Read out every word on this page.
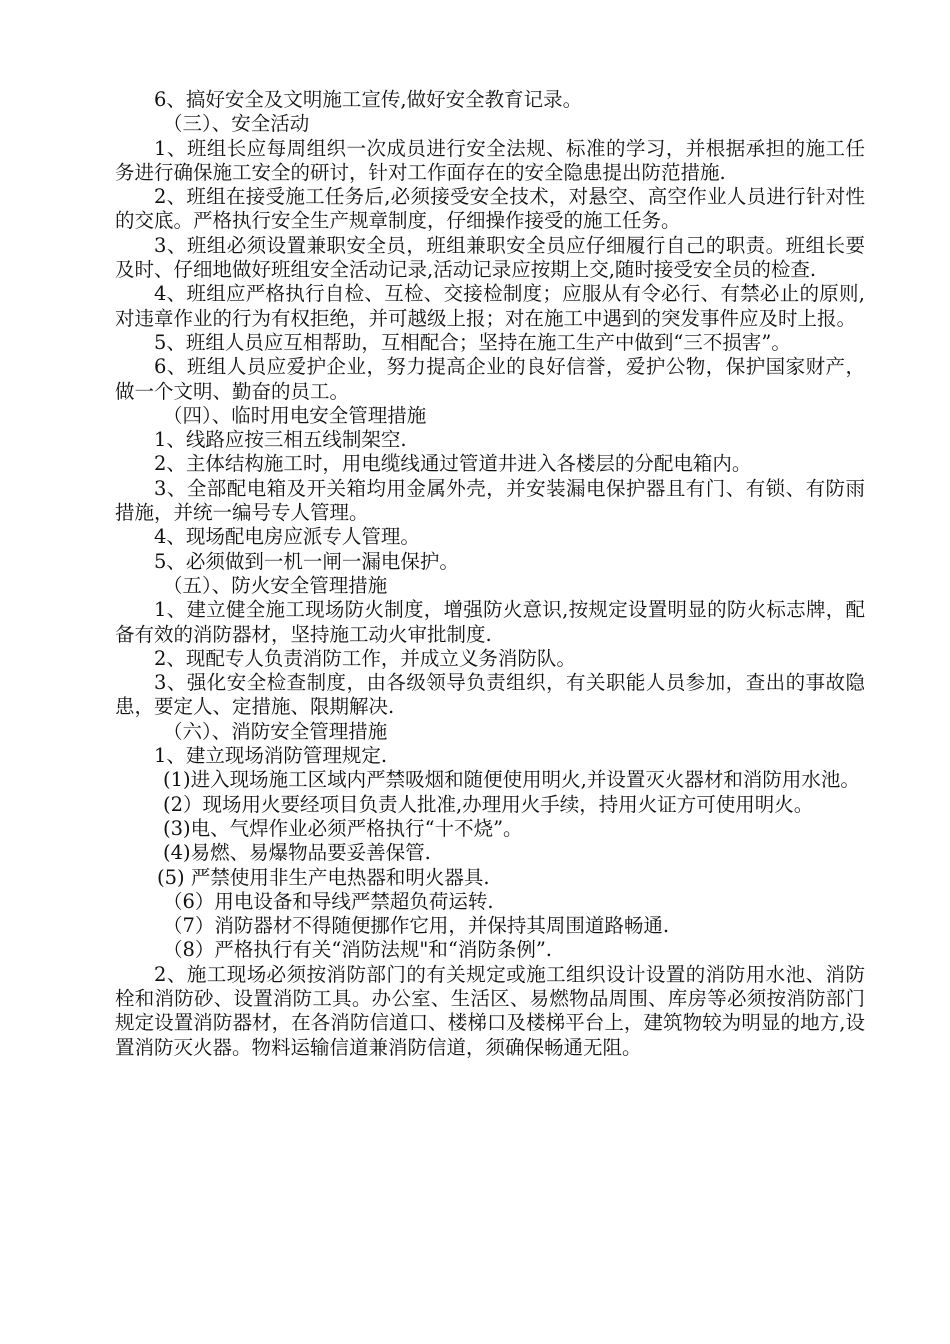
6、搞好安全及文明施工宣传,做好安全教育记录。

（三）、安全活动

1、班组长应每周组织一次成员进行安全法规、标准的学习，并根据承担的施工任务进行确保施工安全的研讨，针对工作面存在的安全隐患提出防范措施.

2、班组在接受施工任务后,必须接受安全技术，对悬空、高空作业人员进行针对性的交底。严格执行安全生产规章制度，仔细操作接受的施工任务。

3、班组必须设置兼职安全员，班组兼职安全员应仔细履行自己的职责。班组长要及时、仔细地做好班组安全活动记录,活动记录应按期上交,随时接受安全员的检查.

4、班组应严格执行自检、互检、交接检制度；应服从有令必行、有禁必止的原则,对违章作业的行为有权拒绝，并可越级上报；对在施工中遇到的突发事件应及时上报。

5、班组人员应互相帮助，互相配合；坚持在施工生产中做到“三不损害”。

6、班组人员应爱护企业，努力提高企业的良好信誉，爱护公物，保护国家财产，做一个文明、勤奋的员工。

（四）、临时用电安全管理措施

1、线路应按三相五线制架空.

2、主体结构施工时，用电缆线通过管道井进入各楼层的分配电箱内。

3、全部配电箱及开关箱均用金属外壳，并安装漏电保护器且有门、有锁、有防雨措施，并统一编号专人管理。

4、现场配电房应派专人管理。

5、必须做到一机一闸一漏电保护。

（五）、防火安全管理措施

1、建立健全施工现场防火制度，增强防火意识,按规定设置明显的防火标志牌，配备有效的消防器材，坚持施工动火审批制度.

2、现配专人负责消防工作，并成立义务消防队。

3、强化安全检查制度，由各级领导负责组织，有关职能人员参加，查出的事故隐患，要定人、定措施、限期解决.

（六）、消防安全管理措施

1、建立现场消防管理规定.

(1)进入现场施工区域内严禁吸烟和随便使用明火,并设置灭火器材和消防用水池。

(2）现场用火要经项目负责人批准,办理用火手续，持用火证方可使用明火。

(3)电、气焊作业必须严格执行“十不烧”。

(4)易燃、易爆物品要妥善保管.

(5) 严禁使用非生产电热器和明火器具.

（6）用电设备和导线严禁超负荷运转.

（7）消防器材不得随便挪作它用，并保持其周围道路畅通.

（8）严格执行有关“消防法规"和“消防条例”.

2、施工现场必须按消防部门的有关规定或施工组织设计设置的消防用水池、消防栓和消防砂、设置消防工具。办公室、生活区、易燃物品周围、库房等必须按消防部门规定设置消防器材，在各消防信道口、楼梯口及楼梯平台上，建筑物较为明显的地方,设置消防灭火器。物料运输信道兼消防信道，须确保畅通无阻。
